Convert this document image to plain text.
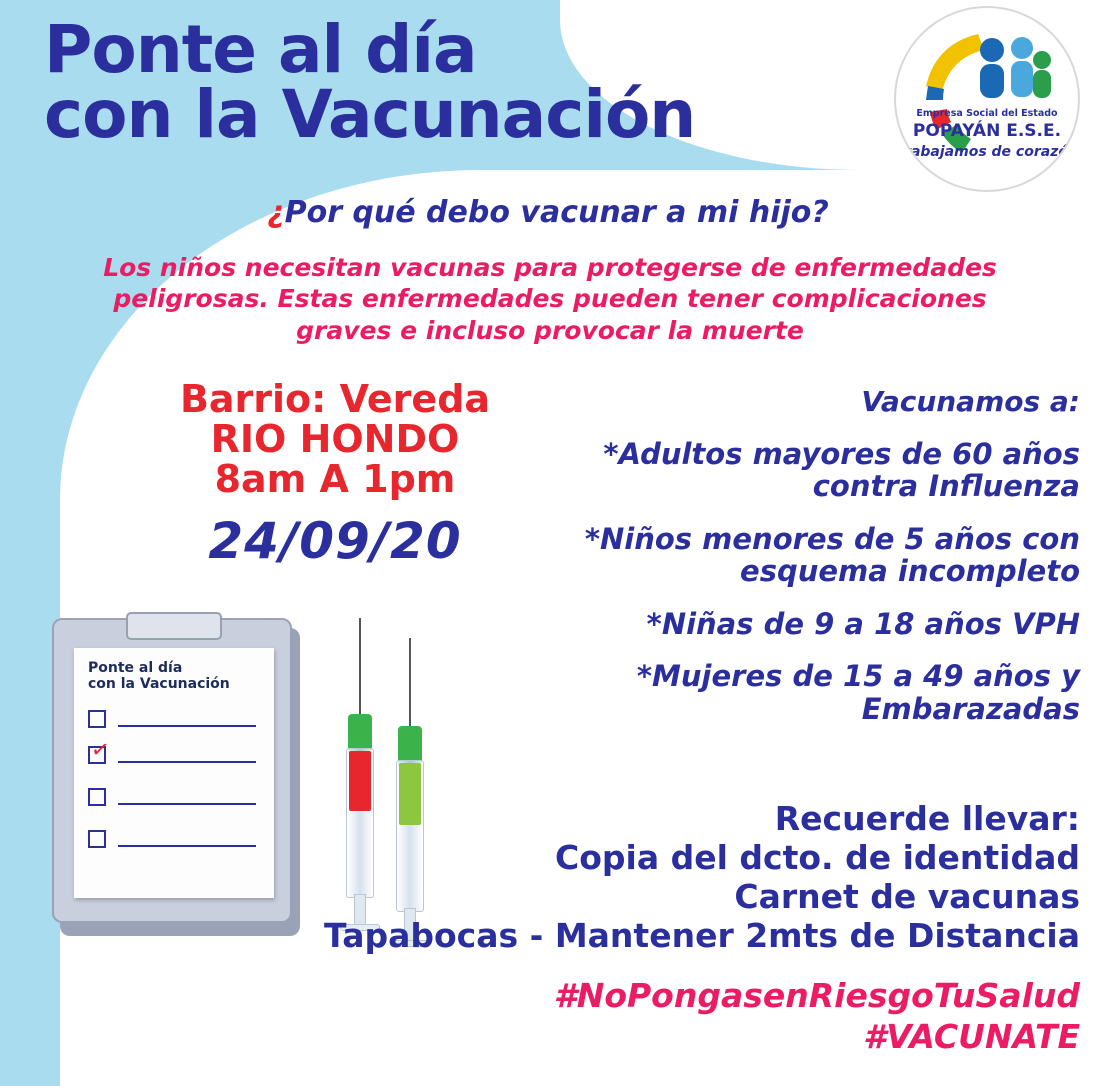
Empresa Social del Estado
POPAYÁN E.S.E.
Trabajamos de corazón
Ponte al día
con la Vacunación
¿Por qué debo vacunar a mi hijo?
Los niños necesitan vacunas para protegerse de enfermedades
peligrosas. Estas enfermedades pueden tener complicaciones
graves e incluso provocar la muerte
Barrio: Vereda
RIO HONDO
8am A 1pm
24/09/20
Vacunamos a:
*Adultos mayores de 60 años contra Influenza
*Niños menores de 5 años con esquema incompleto
*Niñas de 9 a 18 años VPH
*Mujeres de 15 a 49 años y Embarazadas
Recuerde llevar:
Copia del dcto. de identidad
Carnet de vacunas
Tapabocas - Mantener 2mts de Distancia
#NoPongasenRiesgoTuSalud
#VACUNATE
Ponte al día
con la Vacunación
✓
